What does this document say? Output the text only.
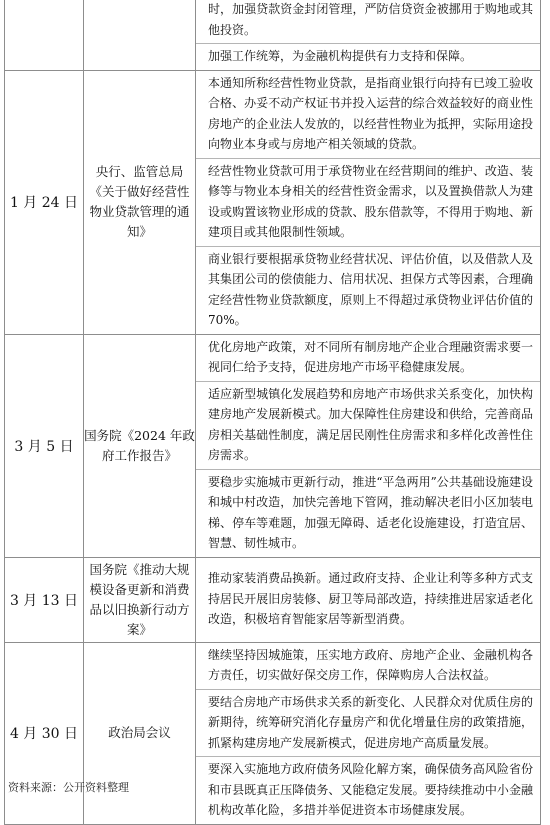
		时，加强贷款资金封闭管理，严防信贷资金被挪用于购地或其他投资。
加强工作统筹，为金融机构提供有力支持和保障。

1 月 24 日	央行、监管总局《关于做好经营性物业贷款管理的通知》	本通知所称经营性物业贷款，是指商业银行向持有已竣工验收合格、办妥不动产权证书并投入运营的综合效益较好的商业性房地产的企业法人发放的，以经营性物业为抵押，实际用途投向物业本身或与房地产相关领域的贷款。
经营性物业贷款可用于承贷物业在经营期间的维护、改造、装修等与物业本身相关的经营性资金需求，以及置换借款人为建设或购置该物业形成的贷款、股东借款等，不得用于购地、新建项目或其他限制性领域。
商业银行要根据承贷物业经营状况、评估价值，以及借款人及其集团公司的偿债能力、信用状况、担保方式等因素，合理确定经营性物业贷款额度，原则上不得超过承贷物业评估价值的 70%。

3 月 5 日	国务院《2024 年政府工作报告》	优化房地产政策，对不同所有制房地产企业合理融资需求要一视同仁给予支持，促进房地产市场平稳健康发展。
适应新型城镇化发展趋势和房地产市场供求关系变化，加快构建房地产发展新模式。加大保障性住房建设和供给，完善商品房相关基础性制度，满足居民刚性住房需求和多样化改善性住房需求。
要稳步实施城市更新行动，推进“平急两用”公共基础设施建设和城中村改造，加快完善地下管网，推动解决老旧小区加装电梯、停车等难题，加强无障碍、适老化设施建设，打造宜居、智慧、韧性城市。

3 月 13 日	国务院《推动大规模设备更新和消费品以旧换新行动方案》	推动家装消费品换新。通过政府支持、企业让利等多种方式支持居民开展旧房装修、厨卫等局部改造，持续推进居家适老化改造，积极培育智能家居等新型消费。

4 月 30 日	政治局会议	继续坚持因城施策，压实地方政府、房地产企业、金融机构各方责任，切实做好保交房工作，保障购房人合法权益。
要结合房地产市场供求关系的新变化、人民群众对优质住房的新期待，统筹研究消化存量房产和优化增量住房的政策措施，抓紧构建房地产发展新模式，促进房地产高质量发展。
要深入实施地方政府债务风险化解方案，确保债务高风险省份和市县既真正压降债务、又能稳定发展。要持续推动中小金融机构改革化险，多措并举促进资本市场健康发展。
资料来源：公开资料整理
